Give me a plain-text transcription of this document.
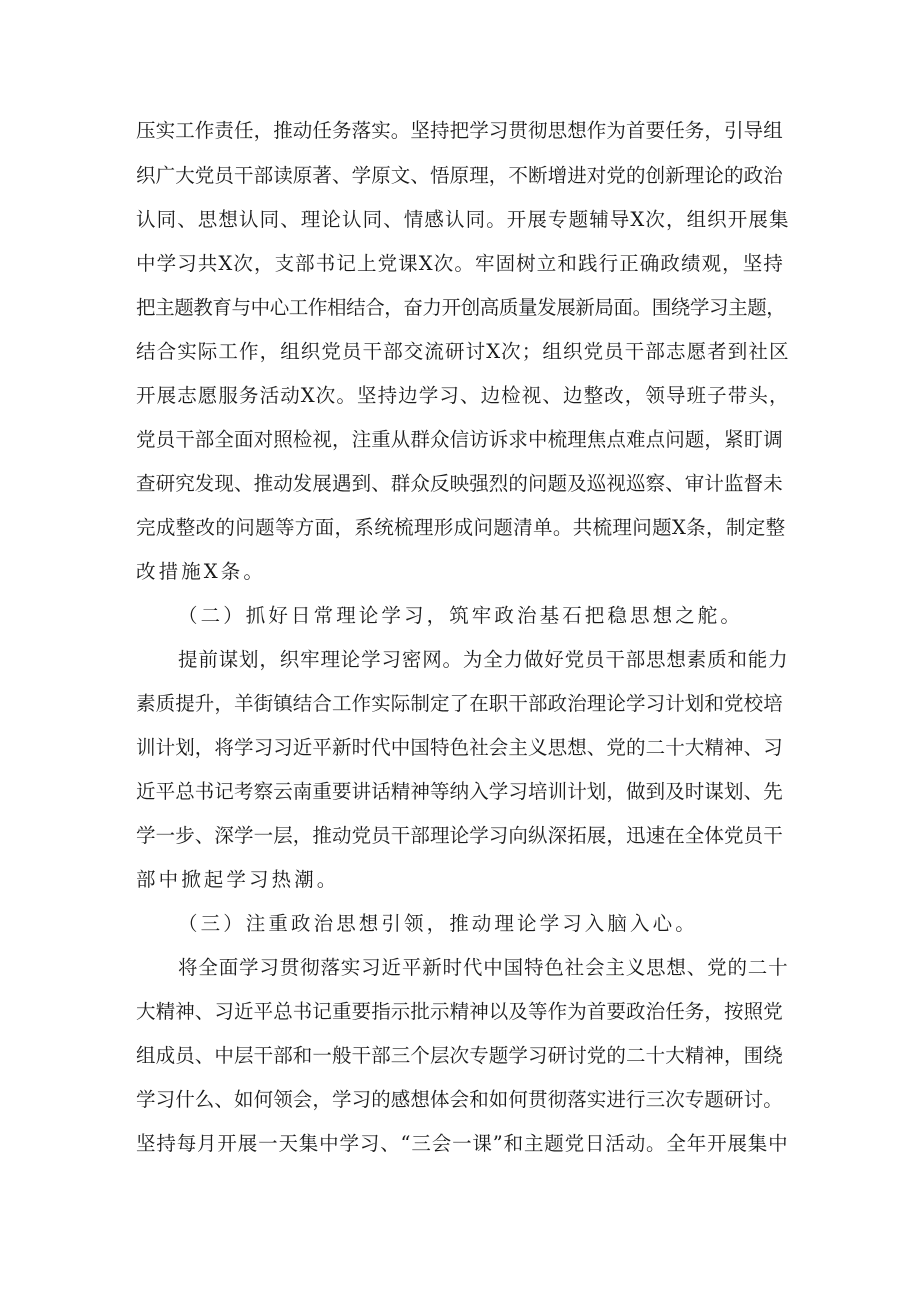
压实工作责任，推动任务落实。坚持把学习贯彻思想作为首要任务，引导组
织广大党员干部读原著、学原文、悟原理，不断增进对党的创新理论的政治
认同、思想认同、理论认同、情感认同。开展专题辅导X次，组织开展集
中学习共X次，支部书记上党课X次。牢固树立和践行正确政绩观，坚持
把主题教育与中心工作相结合，奋力开创高质量发展新局面。围绕学习主题，
结合实际工作，组织党员干部交流研讨X次；组织党员干部志愿者到社区
开展志愿服务活动X次。坚持边学习、边检视、边整改，领导班子带头，
党员干部全面对照检视，注重从群众信访诉求中梳理焦点难点问题，紧盯调
查研究发现、推动发展遇到、群众反映强烈的问题及巡视巡察、审计监督未
完成整改的问题等方面，系统梳理形成问题清单。共梳理问题X条，制定整
改措施X条。
（二）抓好日常理论学习，筑牢政治基石把稳思想之舵。
提前谋划，织牢理论学习密网。为全力做好党员干部思想素质和能力
素质提升，羊街镇结合工作实际制定了在职干部政治理论学习计划和党校培
训计划，将学习习近平新时代中国特色社会主义思想、党的二十大精神、习
近平总书记考察云南重要讲话精神等纳入学习培训计划，做到及时谋划、先
学一步、深学一层，推动党员干部理论学习向纵深拓展，迅速在全体党员干
部中掀起学习热潮。
（三）注重政治思想引领，推动理论学习入脑入心。
将全面学习贯彻落实习近平新时代中国特色社会主义思想、党的二十
大精神、习近平总书记重要指示批示精神以及等作为首要政治任务，按照党
组成员、中层干部和一般干部三个层次专题学习研讨党的二十大精神，围绕
学习什么、如何领会，学习的感想体会和如何贯彻落实进行三次专题研讨。
坚持每月开展一天集中学习、“三会一课”和主题党日活动。全年开展集中
